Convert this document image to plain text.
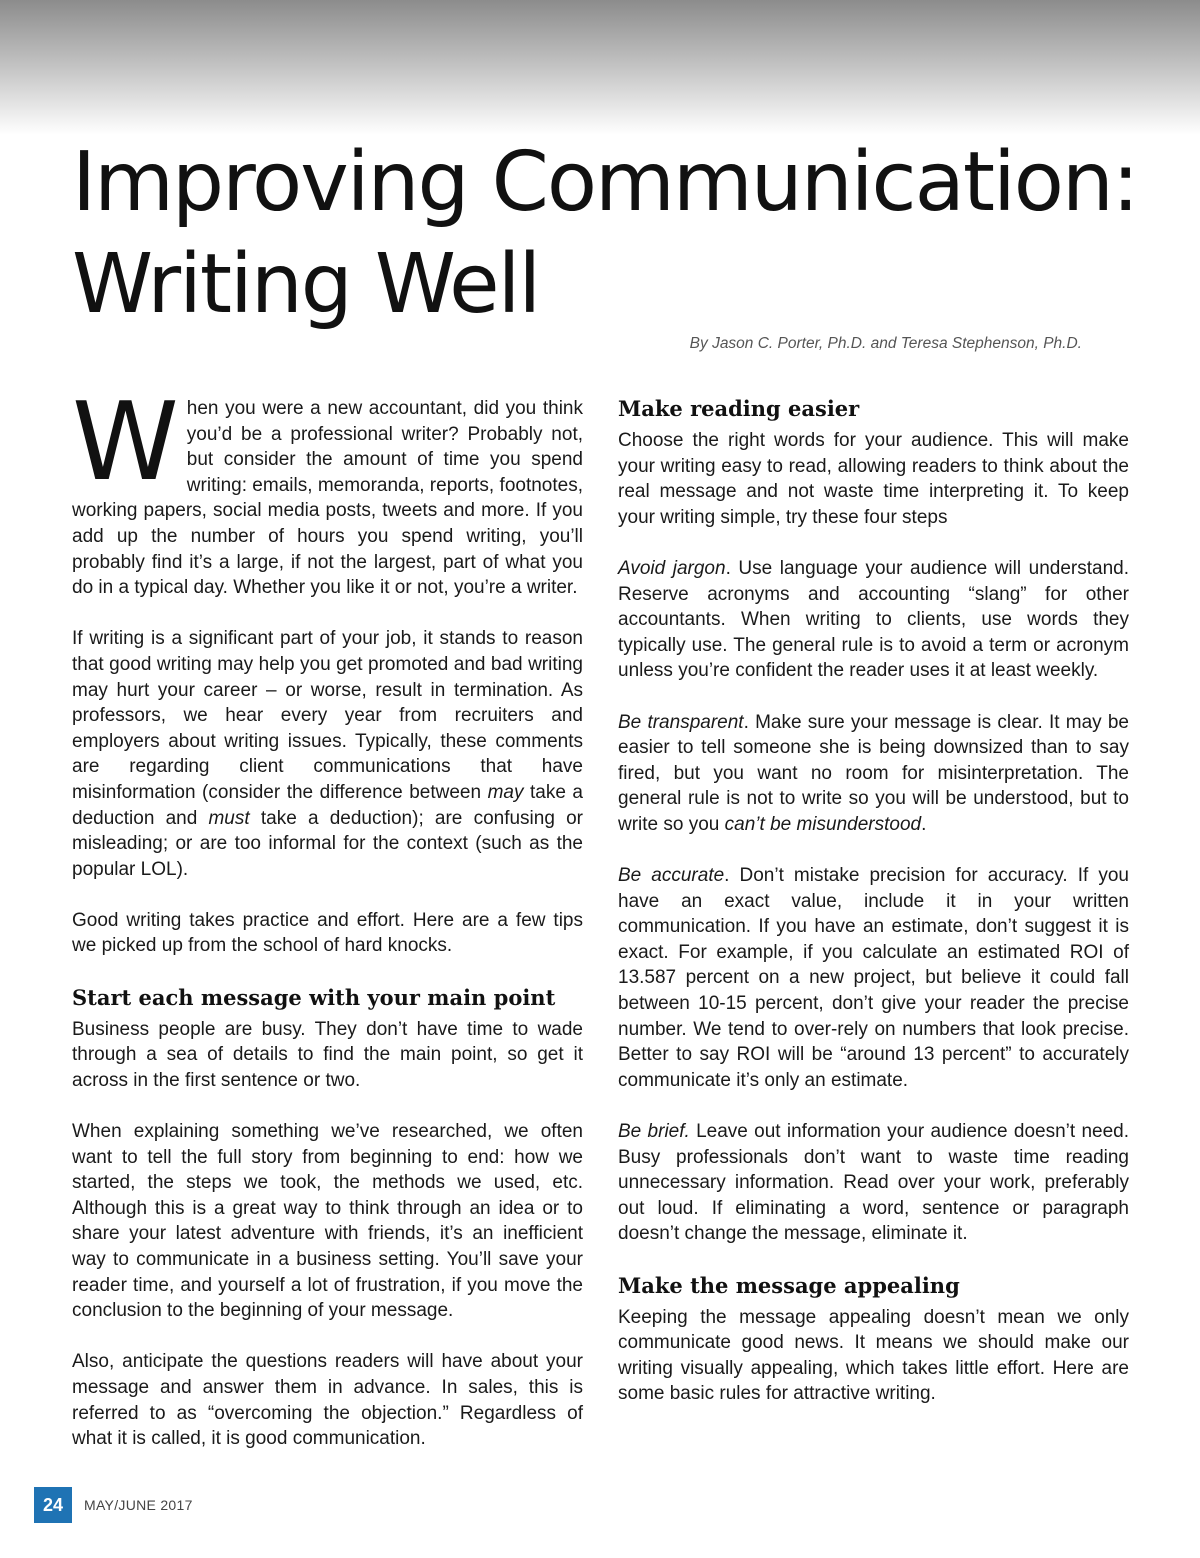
Improving Communication:
Writing Well
By Jason C. Porter, Ph.D. and Teresa Stephenson, Ph.D.

When you were a new accountant, did you think you’d be a professional writer? Probably not, but consider the amount of time you spend writing: emails, memoranda, reports, footnotes, working papers, social media posts, tweets and more. If you add up the number of hours you spend writing, you’ll probably find it’s a large, if not the largest, part of what you do in a typical day. Whether you like it or not, you’re a writer.

If writing is a significant part of your job, it stands to reason that good writing may help you get promoted and bad writing may hurt your career – or worse, result in termination. As professors, we hear every year from recruiters and employers about writing issues. Typically, these comments are regarding client communications that have misinformation (consider the difference between may take a deduction and must take a deduction); are confusing or misleading; or are too informal for the context (such as the popular LOL).

Good writing takes practice and effort. Here are a few tips we picked up from the school of hard knocks.

Start each message with your main point

Business people are busy. They don’t have time to wade through a sea of details to find the main point, so get it across in the first sentence or two.

When explaining something we’ve researched, we often want to tell the full story from beginning to end: how we started, the steps we took, the methods we used, etc. Although this is a great way to think through an idea or to share your latest adventure with friends, it’s an inefficient way to communicate in a business setting. You’ll save your reader time, and yourself a lot of frustration, if you move the conclusion to the beginning of your message.

Also, anticipate the questions readers will have about your message and answer them in advance. In sales, this is referred to as “overcoming the objection.” Regardless of what it is called, it is good communication.

Make reading easier

Choose the right words for your audience. This will make your writing easy to read, allowing readers to think about the real message and not waste time interpreting it. To keep your writing simple, try these four steps

Avoid jargon. Use language your audience will understand. Reserve acronyms and accounting “slang” for other accountants. When writing to clients, use words they typically use. The general rule is to avoid a term or acronym unless you’re confident the reader uses it at least weekly.

Be transparent. Make sure your message is clear. It may be easier to tell someone she is being downsized than to say fired, but you want no room for misinterpretation. The general rule is not to write so you will be understood, but to write so you can’t be misunderstood.

Be accurate. Don’t mistake precision for accuracy. If you have an exact value, include it in your written communication. If you have an estimate, don’t suggest it is exact. For example, if you calculate an estimated ROI of 13.587 percent on a new project, but believe it could fall between 10-15 percent, don’t give your reader the precise number. We tend to over-rely on numbers that look precise. Better to say ROI will be “around 13 percent” to accurately communicate it’s only an estimate.

Be brief. Leave out information your audience doesn’t need. Busy professionals don’t want to waste time reading unnecessary information. Read over your work, preferably out loud. If eliminating a word, sentence or paragraph doesn’t change the message, eliminate it.

Make the message appealing

Keeping the message appealing doesn’t mean we only communicate good news. It means we should make our writing visually appealing, which takes little effort. Here are some basic rules for attractive writing.

24	MAY/JUNE 2017
